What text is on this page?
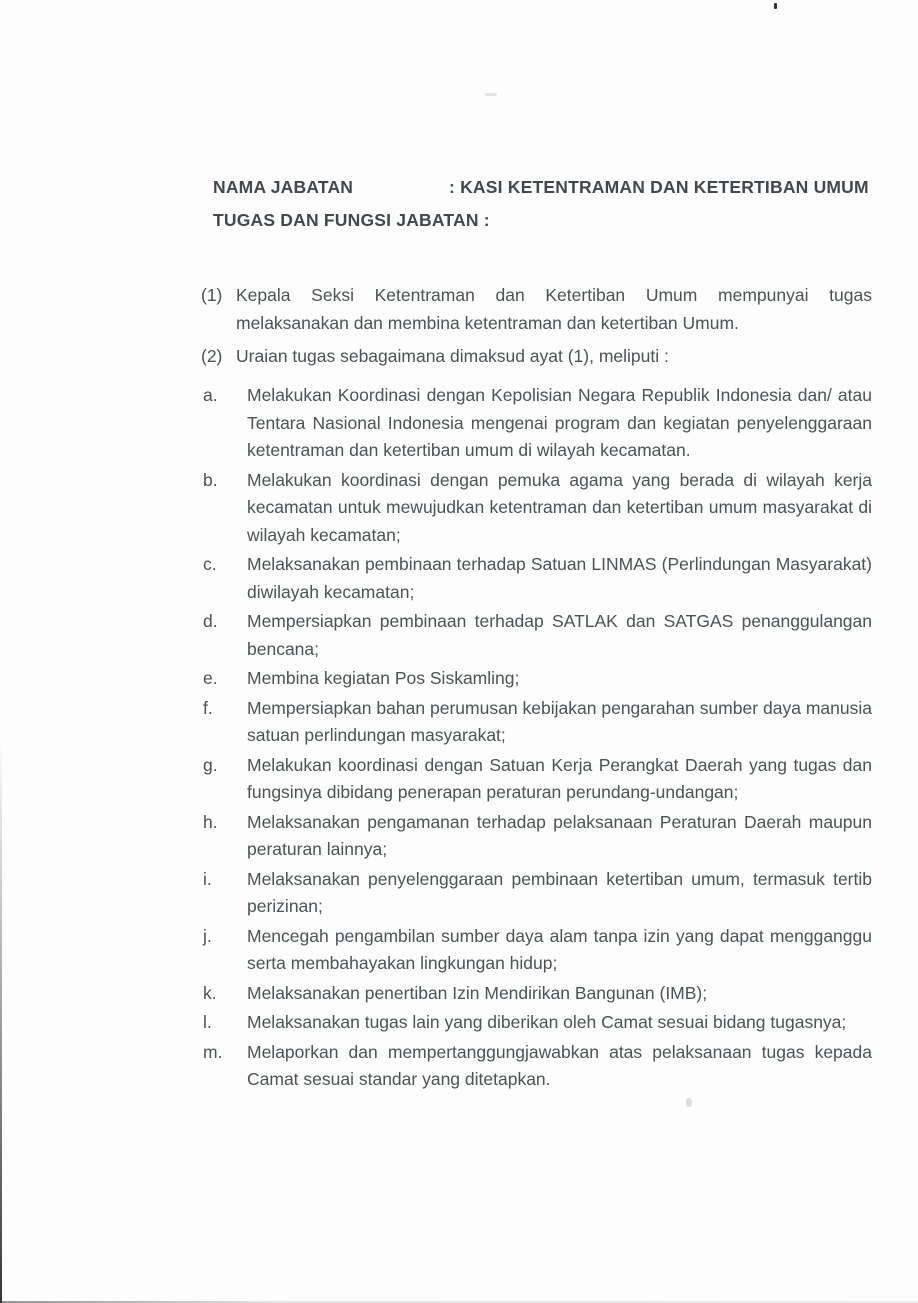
NAMA JABATAN	: KASI KETENTRAMAN DAN KETERTIBAN UMUM
TUGAS DAN FUNGSI JABATAN :
(1) Kepala Seksi Ketentraman dan Ketertiban Umum mempunyai tugas melaksanakan dan membina ketentraman dan ketertiban Umum.
(2) Uraian tugas sebagaimana dimaksud ayat (1), meliputi :
a.	Melakukan Koordinasi dengan Kepolisian Negara Republik Indonesia dan/ atau Tentara Nasional Indonesia mengenai program dan kegiatan penyelenggaraan ketentraman dan ketertiban umum di wilayah kecamatan.
b.	Melakukan koordinasi dengan pemuka agama yang berada di wilayah kerja kecamatan untuk mewujudkan ketentraman dan ketertiban umum masyarakat di wilayah kecamatan;
c.	Melaksanakan pembinaan terhadap Satuan LINMAS (Perlindungan Masyarakat) diwilayah kecamatan;
d.	Mempersiapkan pembinaan terhadap SATLAK dan SATGAS penanggulangan bencana;
e.	Membina kegiatan Pos Siskamling;
f.	Mempersiapkan bahan perumusan kebijakan pengarahan sumber daya manusia satuan perlindungan masyarakat;
g.	Melakukan koordinasi dengan Satuan Kerja Perangkat Daerah yang tugas dan fungsinya dibidang penerapan peraturan perundang-undangan;
h.	Melaksanakan pengamanan terhadap pelaksanaan Peraturan Daerah maupun peraturan lainnya;
i.	Melaksanakan penyelenggaraan pembinaan ketertiban umum, termasuk tertib perizinan;
j.	Mencegah pengambilan sumber daya alam tanpa izin yang dapat mengganggu serta membahayakan lingkungan hidup;
k.	Melaksanakan penertiban Izin Mendirikan Bangunan (IMB);
l.	Melaksanakan tugas lain yang diberikan oleh Camat sesuai bidang tugasnya;
m.	Melaporkan dan mempertanggungjawabkan atas pelaksanaan tugas kepada Camat sesuai standar yang ditetapkan.
